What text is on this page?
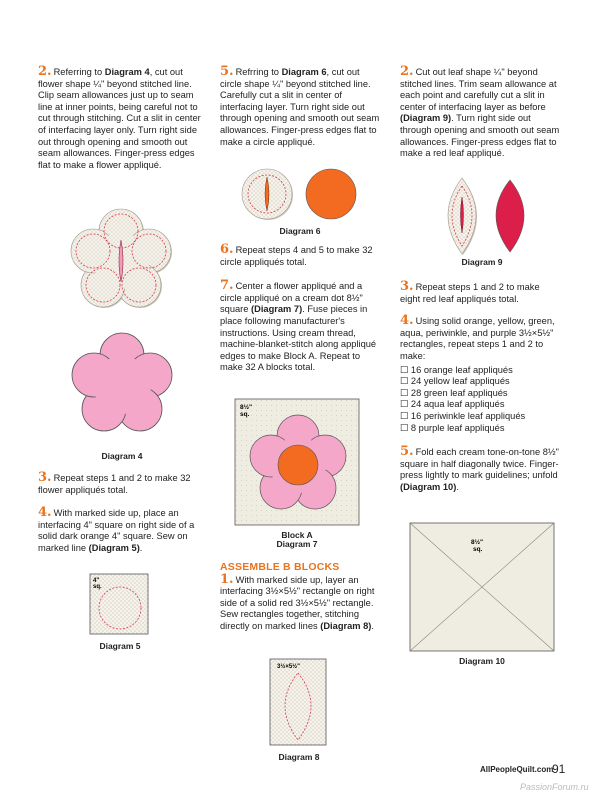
2. Referring to Diagram 4, cut out flower shape ¼" beyond stitched line. Clip seam allowances just up to seam line at inner points, being careful not to cut through stitching. Cut a slit in center of interfacing layer only. Turn right side out through opening and smooth out seam allowances. Finger-press edges flat to make a flower appliqué.

Diagram 4

3. Repeat steps 1 and 2 to make 32 flower appliqués total.

4. With marked side up, place an interfacing 4" square on right side of a solid dark orange 4" square. Sew on marked line (Diagram 5).

4"
sq.
Diagram 5

5. Refrring to Diagram 6, cut out circle shape ¼" beyond stitched line. Carefully cut a slit in center of interfacing layer. Turn right side out through opening and smooth out seam allowances. Finger-press edges flat to make a circle appliqué.

Diagram 6

6. Repeat steps 4 and 5 to make 32 circle appliqués total.

7. Center a flower appliqué and a circle appliqué on a cream dot 8½" square (Diagram 7). Fuse pieces in place following manufacturer's instructions. Using cream thread, machine-blanket-stitch along appliqué edges to make Block A. Repeat to make 32 A blocks total.

8½"
sq.
Block A
Diagram 7
ASSEMBLE B BLOCKS

1. With marked side up, layer an interfacing 3½×5½" rectangle on right side of a solid red 3½×5½" rectangle. Sew rectangles together, stitching directly on marked lines (Diagram 8).

3½×5½"
Diagram 8

2. Cut out leaf shape ¼" beyond stitched lines. Trim seam allowance at each point and carefully cut a slit in center of interfacing layer as before (Diagram 9). Turn right side out through opening and smooth out seam allowances. Finger-press edges flat to make a red leaf appliqué.

Diagram 9

3. Repeat steps 1 and 2 to make eight red leaf appliqués total.

4. Using solid orange, yellow, green, aqua, periwinkle, and purple 3½×5½" rectangles, repeat steps 1 and 2 to make:

☐ 16 orange leaf appliqués
☐ 24 yellow leaf appliqués
☐ 28 green leaf appliqués
☐ 24 aqua leaf appliqués
☐ 16 periwinkle leaf appliqués
☐ 8 purple leaf appliqués

5. Fold each cream tone-on-tone 8½" square in half diagonally twice. Finger-press lightly to mark guidelines; unfold (Diagram 10).

8½"
sq.
Diagram 10
AllPeopleQuilt.com
91
PassionForum.ru
